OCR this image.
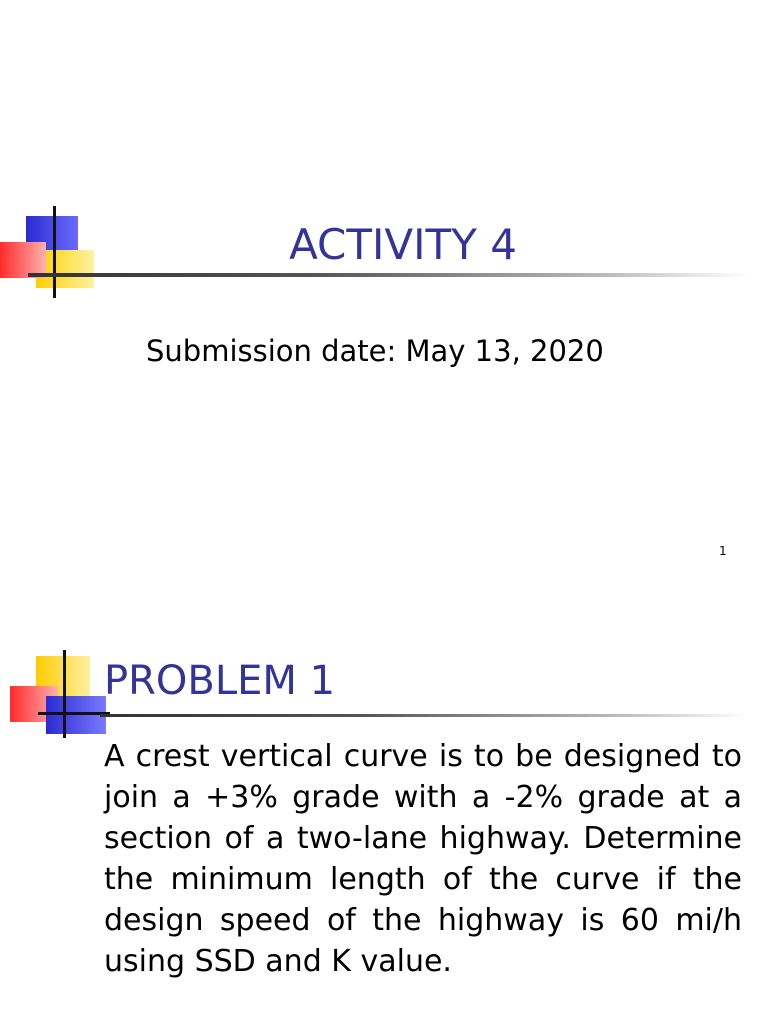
ACTIVITY 4
Submission date: May 13, 2020
1
PROBLEM 1

A crest vertical curve is to be designed to join a +3% grade with a -2% grade at a section of a two-lane highway. Determine the minimum length of the curve if the design speed of the highway is 60 mi/h using SSD and K value.
